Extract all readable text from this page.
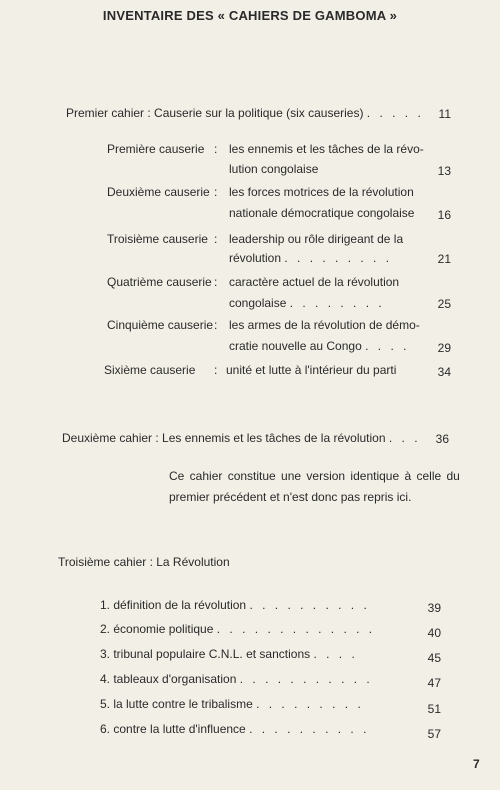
INVENTAIRE DES « CAHIERS DE GAMBOMA »
Premier cahier : Causerie sur la politique (six causeries) . . . . .	11
Première causerie : les ennemis et les tâches de la révo-
lution congolaise	13
Deuxième causerie : les forces motrices de la révolution
nationale démocratique congolaise	16
Troisième causerie : leadership ou rôle dirigeant de la
révolution . . . . . . . . .	21
Quatrième causerie : caractère actuel de la révolution
congolaise . . . . . . . .	25
Cinquième causerie : les armes de la révolution de démo-
cratie nouvelle au Congo . . . .	29
Sixième causerie : unité et lutte à l'intérieur du parti	34
Deuxième cahier : Les ennemis et les tâches de la révolution . . .	36
Ce cahier constitue une version identique à celle du
premier précédent et n'est donc pas repris ici.
Troisième cahier : La Révolution
1. définition de la révolution . . . . . . . . . .	39
2. économie politique . . . . . . . . . . . . .	40
3. tribunal populaire C.N.L. et sanctions . . . .	45
4. tableaux d'organisation . . . . . . . . . . .	47
5. la lutte contre le tribalisme . . . . . . . . .	51
6. contre la lutte d'influence . . . . . . . . . .	57
7
